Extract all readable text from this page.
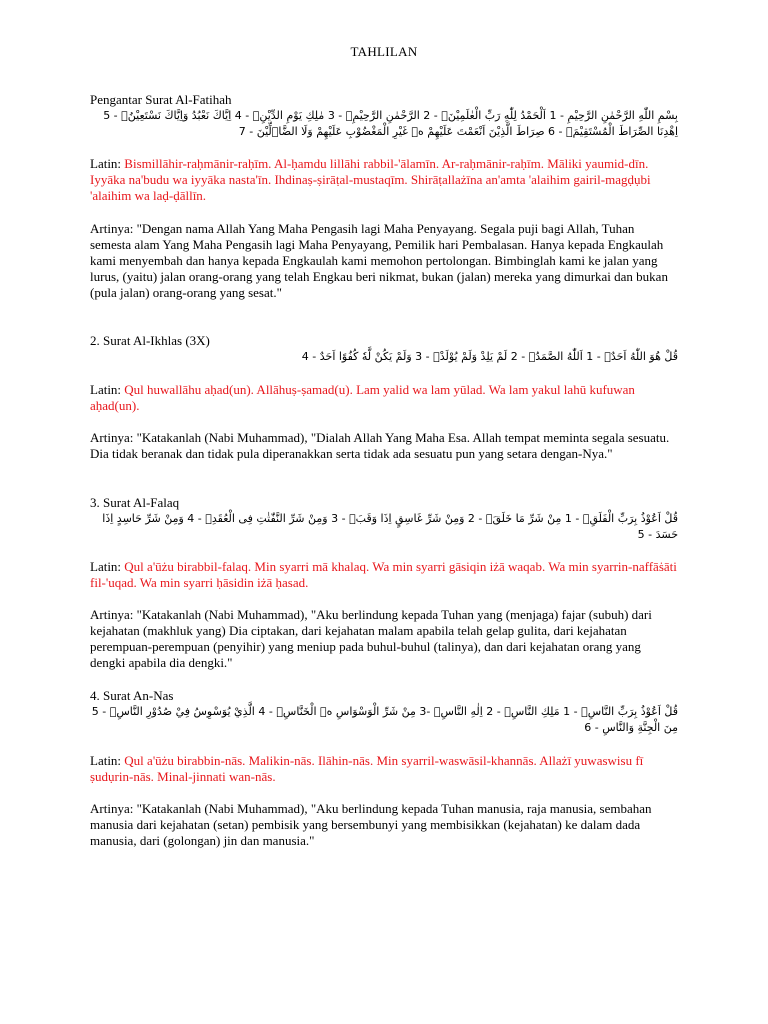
TAHLILAN
Pengantar Surat Al-Fatihah
بِسْمِ اللّٰهِ الرَّحْمٰنِ الرَّحِيْمِ - 1 اَلْحَمْدُ لِلّٰهِ رَبِّ الْعٰلَمِيْنَۙ - 2 الرَّحْمٰنِ الرَّحِيْمِۙ - 3 مٰلِكِ يَوْمِ الدِّيْنِۗ - 4 اِيَّاكَ نَعْبُدُ وَاِيَّاكَ نَسْتَعِيْنُۗ - 5 اِهْدِنَا الصِّرَاطَ الْمُسْتَقِيْمَۙ - 6 صِرَاطَ الَّذِيْنَ اَنْعَمْتَ عَلَيْهِمْ ەۙ غَيْرِ الْمَغْضُوْبِ عَلَيْهِمْ وَلَا الضَّاۤلِّيْنَ - 7
Latin: Bismillāhir-raḥmānir-raḥīm. Al-ḥamdu lillāhi rabbil-'ālamīn. Ar-raḥmānir-raḥīm. Māliki yaumid-dīn. Iyyāka na'budu wa iyyāka nasta'īn. Ihdinaṣ-ṣirāṭal-mustaqīm. Shirāṭallażīna an'amta 'alaihim gairil-magḍụbi 'alaihim wa laḍ-ḍāllīn.
Artinya: "Dengan nama Allah Yang Maha Pengasih lagi Maha Penyayang. Segala puji bagi Allah, Tuhan semesta alam Yang Maha Pengasih lagi Maha Penyayang, Pemilik hari Pembalasan. Hanya kepada Engkaulah kami menyembah dan hanya kepada Engkaulah kami memohon pertolongan. Bimbinglah kami ke jalan yang lurus, (yaitu) jalan orang-orang yang telah Engkau beri nikmat, bukan (jalan) mereka yang dimurkai dan bukan (pula jalan) orang-orang yang sesat."
2. Surat Al-Ikhlas (3X)
قُلْ هُوَ اللّٰهُ اَحَدٌۚ - 1 اَللّٰهُ الصَّمَدُۚ - 2 لَمْ يَلِدْ وَلَمْ يُوْلَدْۙ - 3 وَلَمْ يَكُنْ لَّهٗ كُفُوًا اَحَدٌ - 4
Latin: Qul huwallāhu aḥad(un). Allāhuṣ-ṣamad(u). Lam yalid wa lam yūlad. Wa lam yakul lahū kufuwan aḥad(un).
Artinya: "Katakanlah (Nabi Muhammad), "Dialah Allah Yang Maha Esa. Allah tempat meminta segala sesuatu. Dia tidak beranak dan tidak pula diperanakkan serta tidak ada sesuatu pun yang setara dengan-Nya."
3. Surat Al-Falaq
قُلْ اَعُوْذُ بِرَبِّ الْفَلَقِۙ - 1 مِنْ شَرِّ مَا خَلَقَۙ - 2 وَمِنْ شَرِّ غَاسِقٍ اِذَا وَقَبَۙ - 3 وَمِنْ شَرِّ النَّفّٰثٰتِ فِى الْعُقَدِۙ - 4 وَمِنْ شَرِّ حَاسِدٍ اِذَا حَسَدَ - 5
Latin: Qul a'ūżu birabbil-falaq. Min syarri mā khalaq. Wa min syarri gāsiqin iżā waqab. Wa min syarrin-naffāṡāti fil-'uqad. Wa min syarri ḥāsidin iżā ḥasad.
Artinya: "Katakanlah (Nabi Muhammad), "Aku berlindung kepada Tuhan yang (menjaga) fajar (subuh) dari kejahatan (makhluk yang) Dia ciptakan, dari kejahatan malam apabila telah gelap gulita, dari kejahatan perempuan-perempuan (penyihir) yang meniup pada buhul-buhul (talinya), dan dari kejahatan orang yang dengki apabila dia dengki."
4. Surat An-Nas
قُلْ اَعُوْذُ بِرَبِّ النَّاسِۙ - 1 مَلِكِ النَّاسِۙ - 2 اِلٰهِ النَّاسِۙ -3 مِنْ شَرِّ الْوَسْوَاسِ ەۙ الْخَنَّاسِۖ - 4 الَّذِيْ يُوَسْوِسُ فِيْ صُدُوْرِ النَّاسِۙ - 5 مِنَ الْجِنَّةِ وَالنَّاسِ - 6
Latin: Qul a'ūżu birabbin-nās. Malikin-nās. Ilāhin-nās. Min syarril-waswāsil-khannās. Allażī yuwaswisu fī ṣudụrin-nās. Minal-jinnati wan-nās.
Artinya: "Katakanlah (Nabi Muhammad), "Aku berlindung kepada Tuhan manusia, raja manusia, sembahan manusia dari kejahatan (setan) pembisik yang bersembunyi yang membisikkan (kejahatan) ke dalam dada manusia, dari (golongan) jin dan manusia."
